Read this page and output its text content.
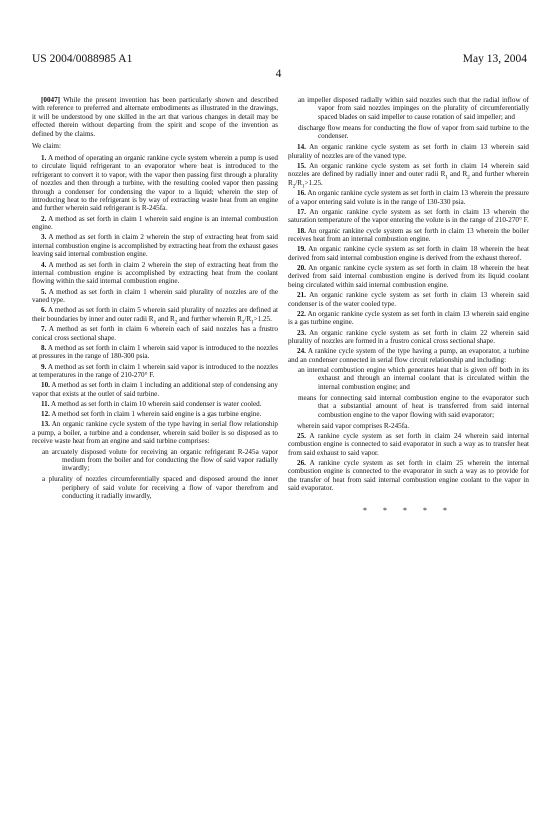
US 2004/0088985 A1	May 13, 2004
4

[0047] While the present invention has been particularly shown and described with reference to preferred and alternate embodiments as illustrated in the drawings, it will be understood by one skilled in the art that various changes in detail may be effected therein without departing from the spirit and scope of the invention as defined by the claims.

We claim:

1. A method of operating an organic rankine cycle system wherein a pump is used to circulate liquid refrigerant to an evaporator where heat is introduced to the refrigerant to convert it to vapor, with the vapor then passing first through a plurality of nozzles and then through a turbine, with the resulting cooled vapor then passing through a condenser for condensing the vapor to a liquid; wherein the step of introducing heat to the refrigerant is by way of extracting waste heat from an engine and further wherein said refrigerant is R-245fa.

2. A method as set forth in claim 1 wherein said engine is an internal combustion engine.

3. A method as set forth in claim 2 wherein the step of extracting heat from said internal combustion engine is accomplished by extracting heat from the exhaust gases leaving said internal combustion engine.

4. A method as set forth in claim 2 wherein the step of extracting heat from the internal combustion engine is accomplished by extracting heat from the coolant flowing within the said internal combustion engine.

5. A method as set forth in claim 1 wherein said plurality of nozzles are of the vaned type.

6. A method as set forth in claim 5 wherein said plurality of nozzles are defined at their boundaries by inner and outer radii $R_1$ and $R_2$ and further wherein $R_2/R_1>1.25$.

7. A method as set forth in claim 6 wherein each of said nozzles has a frustro conical cross sectional shape.

8. A method as set forth in claim 1 wherein said vapor is introduced to the nozzles at pressures in the range of 180-300 psia.

9. A method as set forth in claim 1 wherein said vapor is introduced to the nozzles at temperatures in the range of 210-270° F.

10. A method as set forth in claim 1 including an additional step of condensing any vapor that exists at the outlet of said turbine.

11. A method as set forth in claim 10 wherein said condenser is water cooled.

12. A method set forth in claim 1 wherein said engine is a gas turbine engine.

13. An organic rankine cycle system of the type having in serial flow relationship a pump, a boiler, a turbine and a condenser, wherein said boiler is so disposed as to receive waste heat from an engine and said turbine comprises:

an arcuately disposed volute for receiving an organic refrigerant R-245a vapor medium from the boiler and for conducting the flow of said vapor radially inwardly;

a plurality of nozzles circumferentially spaced and disposed around the inner periphery of said volute for receiving a flow of vapor therefrom and conducting it radially inwardly,

an impeller disposed radially within said nozzles such that the radial inflow of vapor from said nozzles impinges on the plurality of circumferentially spaced blades on said impeller to cause rotation of said impeller; and

discharge flow means for conducting the flow of vapor from said turbine to the condenser.

14. An organic rankine cycle system as set forth in claim 13 wherein said plurality of nozzles are of the vaned type.

15. An organic rankine cycle system as set forth in claim 14 wherein said nozzles are defined by radially inner and outer radii $R_1$ and $R_2$ and further wherein $R_2/R_1>1.25$.

16. An organic rankine cycle system as set forth in claim 13 wherein the pressure of a vapor entering said volute is in the range of 130-330 psia.

17. An organic rankine cycle system as set forth in claim 13 wherein the saturation temperature of the vapor entering the volute is in the range of 210-270° F.

18. An organic rankine cycle system as set forth in claim 13 wherein the boiler receives heat from an internal combustion engine.

19. An organic rankine cycle system as set forth in claim 18 wherein the heat derived from said internal combustion engine is derived from the exhaust thereof.

20. An organic rankine cycle system as set forth in claim 18 wherein the heat derived from said internal combustion engine is derived from its liquid coolant being circulated within said internal combustion engine.

21. An organic rankine cycle system as set forth in claim 13 wherein said condenser is of the water cooled type.

22. An organic rankine cycle system as set forth in claim 13 wherein said engine is a gas turbine engine.

23. An organic rankine cycle system as set forth in claim 22 wherein said plurality of nozzles are formed in a frustro conical cross sectional shape.

24. A rankine cycle system of the type having a pump, an evaporator, a turbine and an condenser connected in serial flow circuit relationship and including:

an internal combustion engine which generates heat that is given off both in its exhaust and through an internal coolant that is circulated within the internal combustion engine; and

means for connecting said internal combustion engine to the evaporator such that a substantial amount of heat is transferred from said internal combustion engine to the vapor flowing with said evaporator;

wherein said vapor comprises R-245fa.

25. A rankine cycle system as set forth in claim 24 wherein said internal combustion engine is connected to said evaporator in such a way as to transfer heat from said exhaust to said vapor.

26. A rankine cycle system as set forth in claim 25 wherein the internal combustion engine is connected to the evaporator in such a way as to provide for the transfer of heat from said internal combustion engine coolant to the vapor in said evaporator.

* * * * *
